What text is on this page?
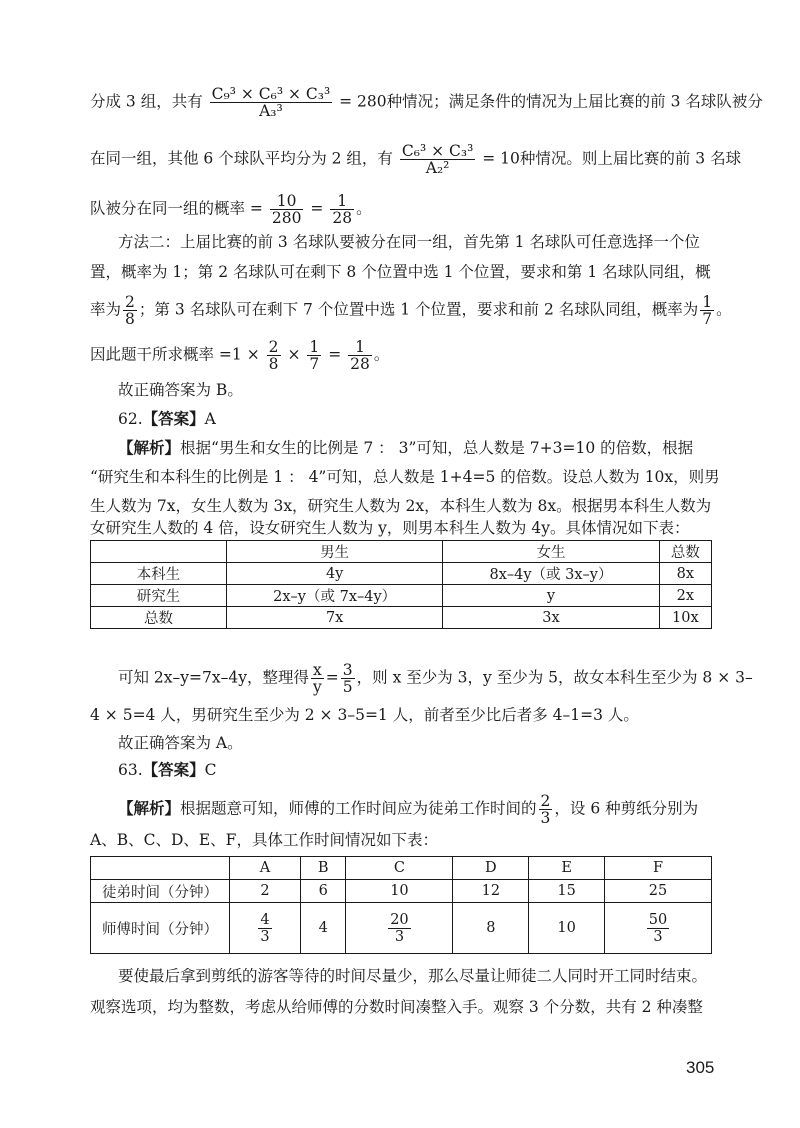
分成 3 组，共有 $\frac{\text{C₉³ × C₆³ × C₃³}}{\text{A₃³}} = 280$种情况；满足条件的情况为上届比赛的前 3 名球队被分
在同一组，其他 6 个球队平均分为 2 组，有 $\frac{\text{C₆³ × C₃³}}{\text{A₂²}} = 10$种情况。则上届比赛的前 3 名球
队被分在同一组的概率 = $\frac{10}{280} = \frac{1}{28}$ 。
方法二：上届比赛的前 3 名球队要被分在同一组，首先第 1 名球队可任意选择一个位
置，概率为 1；第 2 名球队可在剩下 8 个位置中选 1 个位置，要求和第 1 名球队同组，概
率为 $\frac{2}{8}$ ；第 3 名球队可在剩下 7 个位置中选 1 个位置，要求和前 2 名球队同组，概率为 $\frac{1}{7}$ 。
因此题干所求概率 $=1 \times \frac{2}{8} \times \frac{1}{7} = \frac{1}{28}$ 。
故正确答案为 B。
62.【答案】A
【解析】根据“男生和女生的比例是 7 ： 3”可知，总人数是 7+3=10 的倍数，根据
“研究生和本科生的比例是 1 ： 4”可知，总人数是 1+4=5 的倍数。设总人数为 10x，则男
生人数为 7x，女生人数为 3x，研究生人数为 2x，本科生人数为 8x。根据男本科生人数为
女研究生人数的 4 倍，设女研究生人数为 y，则男本科生人数为 4y。具体情况如下表：
	男生	女生	总数
本科生	4y	8x–4y（或 3x–y）	8x
研究生	2x–y（或 7x–4y）	y	2x
总数	7x	3x	10x
可知 2x–y=7x–4y，整理得 $\frac{x}{y} = \frac{3}{5}$ ，则 x 至少为 3，y 至少为 5，故女本科生至少为 8 × 3–
4 × 5=4 人，男研究生至少为 2 × 3–5=1 人，前者至少比后者多 4–1=3 人。
故正确答案为 A。
63.【答案】C
【解析】根据题意可知，师傅的工作时间应为徒弟工作时间的 $\frac{2}{3}$ ，设 6 种剪纸分别为
A、B、C、D、E、F，具体工作时间情况如下表：
	A	B	C	D	E	F
徒弟时间（分钟）	2	6	10	12	15	25
师傅时间（分钟）	$\frac{4}{3}$	4	$\frac{20}{3}$	8	10	$\frac{50}{3}$
要使最后拿到剪纸的游客等待的时间尽量少，那么尽量让师徒二人同时开工同时结束。
观察选项，均为整数，考虑从给师傅的分数时间凑整入手。观察 3 个分数，共有 2 种凑整
305
